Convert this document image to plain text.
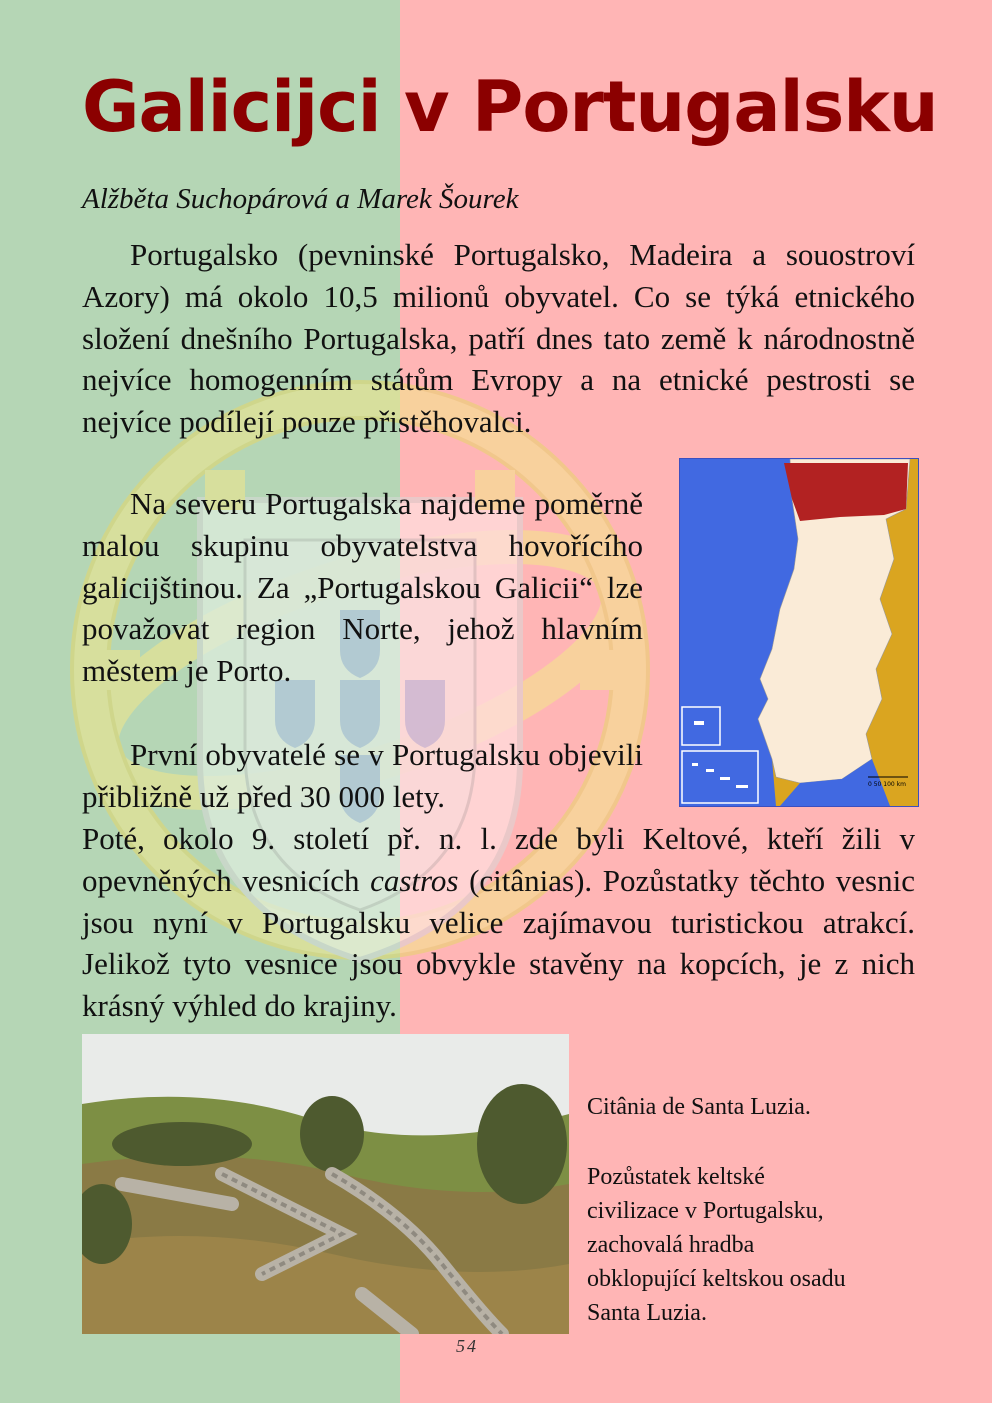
Galicijci v Portugalsku
Alžběta Suchopárová a Marek Šourek

Portugalsko (pevninské Portugalsko, Madeira a souostroví Azory) má okolo 10,5 milionů obyvatel. Co se týká etnického složení dnešního Portugalska, patří dnes tato země k národnostně nejvíce homogenním státům Evropy a na etnické pestrosti se nejvíce podílejí pouze přistěhovalci.

Na severu Portugalska najdeme poměrně malou skupinu obyvatelstva hovořícího galicijštinou. Za „Portugalskou Galicii“ lze považovat region Norte, jehož hlavním městem je Porto.

První obyvatelé se v Portugalsku objevili přibližně už před 30 000 lety.

Poté, okolo 9. století př. n. l. zde byli Keltové, kteří žili v opevněných vesnicích castros (citânias). Pozůstatky těchto vesnic jsou nyní v Portugalsku velice zajímavou turistickou atrakcí. Jelikož tyto vesnice jsou obvykle stavěny na kopcích, je z nich krásný výhled do krajiny.

0 50 100 km
Citânia de Santa Luzia.
Pozůstatek keltské
civilizace v Portugalsku,
zachovalá hradba
obklopující keltskou osadu
Santa Luzia.
54
